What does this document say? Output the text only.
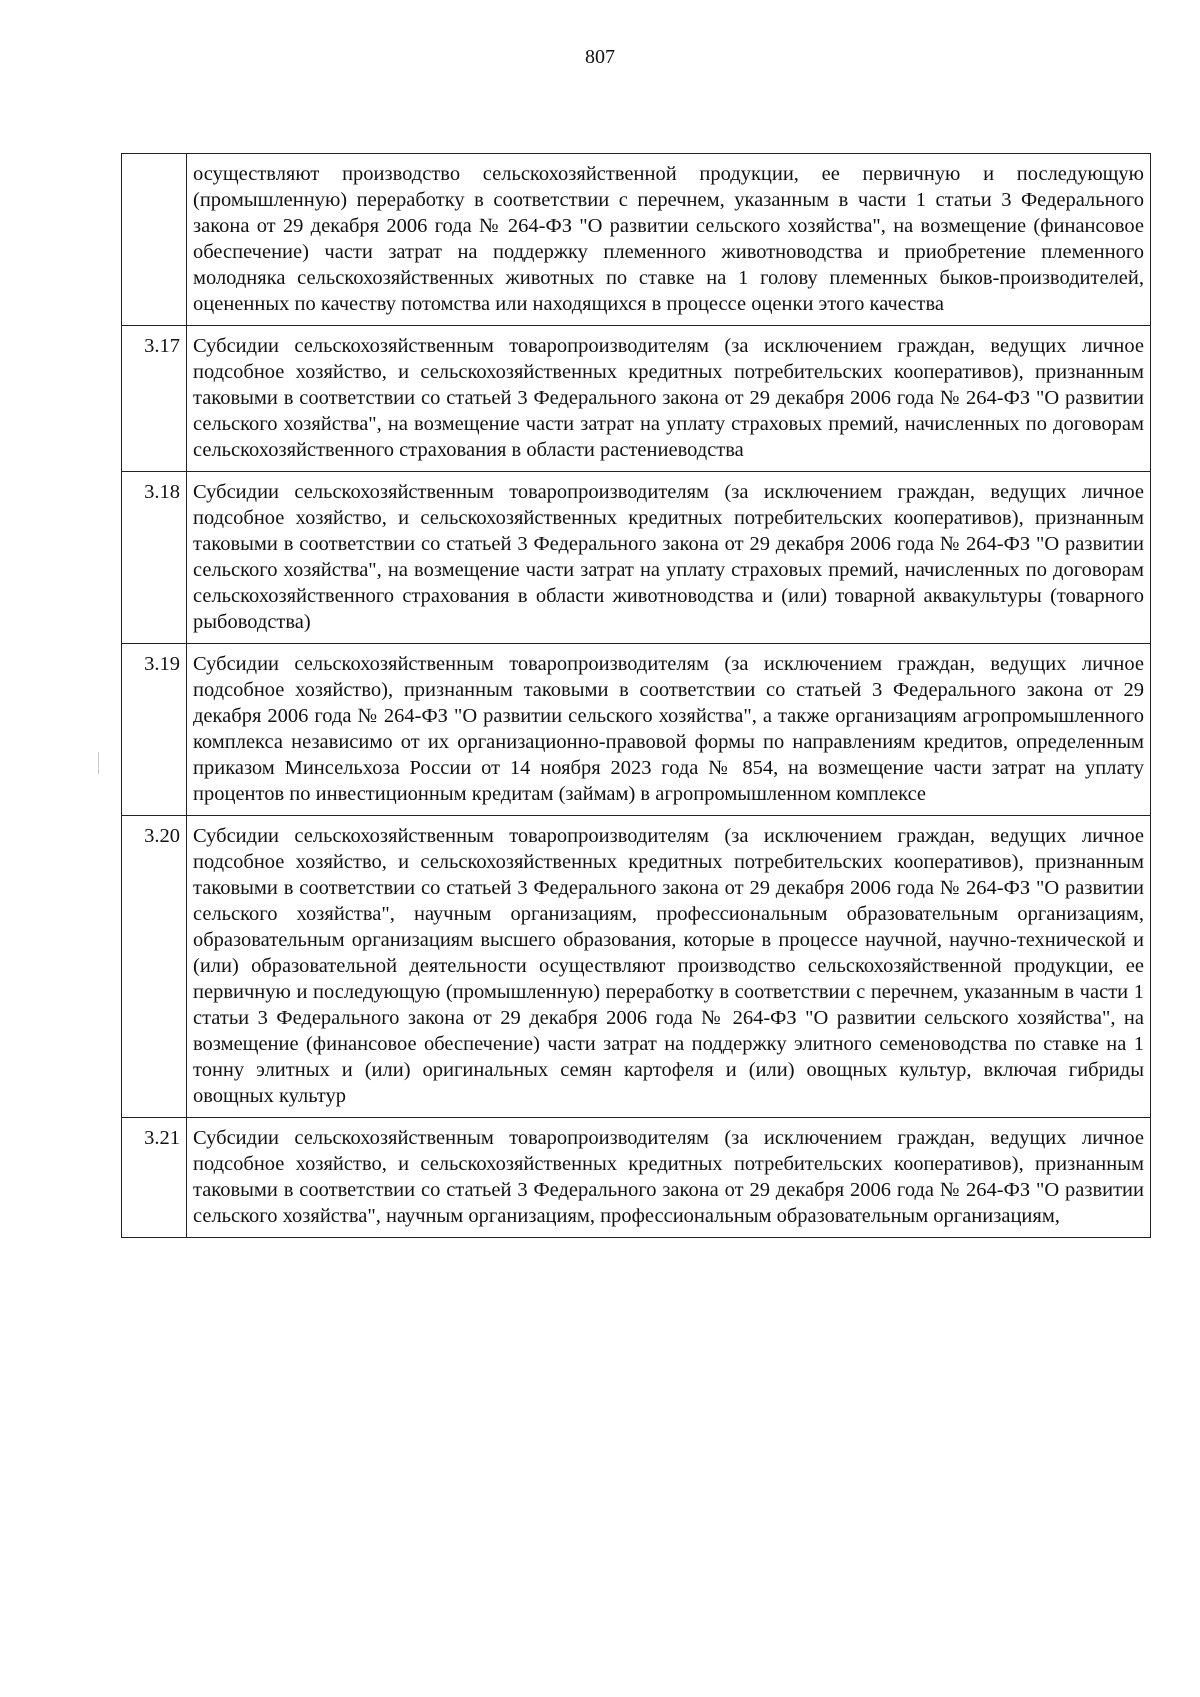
807
	осуществляют производство сельскохозяйственной продукции, ее первичную и последующую (промышленную) переработку в соответствии с перечнем, указанным в части 1 статьи 3 Федерального закона от 29 декабря 2006 года № 264-ФЗ "О развитии сельского хозяйства", на возмещение (финансовое обеспечение) части затрат на поддержку племенного животноводства и приобретение племенного молодняка сельскохозяйственных животных по ставке на 1 голову племенных быков-производителей, оцененных по качеству потомства или находящихся в процессе оценки этого качества
3.17	Субсидии сельскохозяйственным товаропроизводителям (за исключением граждан, ведущих личное подсобное хозяйство, и сельскохозяйственных кредитных потребительских кооперативов), признанным таковыми в соответствии со статьей 3 Федерального закона от 29 декабря 2006 года № 264-ФЗ "О развитии сельского хозяйства", на возмещение части затрат на уплату страховых премий, начисленных по договорам сельскохозяйственного страхования в области растениеводства
3.18	Субсидии сельскохозяйственным товаропроизводителям (за исключением граждан, ведущих личное подсобное хозяйство, и сельскохозяйственных кредитных потребительских кооперативов), признанным таковыми в соответствии со статьей 3 Федерального закона от 29 декабря 2006 года № 264-ФЗ "О развитии сельского хозяйства", на возмещение части затрат на уплату страховых премий, начисленных по договорам сельскохозяйственного страхования в области животноводства и (или) товарной аквакультуры (товарного рыбоводства)
3.19	Субсидии сельскохозяйственным товаропроизводителям (за исключением граждан, ведущих личное подсобное хозяйство), признанным таковыми в соответствии со статьей 3 Федерального закона от 29 декабря 2006 года № 264-ФЗ "О развитии сельского хозяйства", а также организациям агропромышленного комплекса независимо от их организационно-правовой формы по направлениям кредитов, определенным приказом Минсельхоза России от 14 ноября 2023 года № 854, на возмещение части затрат на уплату процентов по инвестиционным кредитам (займам) в агропромышленном комплексе
3.20	Субсидии сельскохозяйственным товаропроизводителям (за исключением граждан, ведущих личное подсобное хозяйство, и сельскохозяйственных кредитных потребительских кооперативов), признанным таковыми в соответствии со статьей 3 Федерального закона от 29 декабря 2006 года № 264-ФЗ "О развитии сельского хозяйства", научным организациям, профессиональным образовательным организациям, образовательным организациям высшего образования, которые в процессе научной, научно-технической и (или) образовательной деятельности осуществляют производство сельскохозяйственной продукции, ее первичную и последующую (промышленную) переработку в соответствии с перечнем, указанным в части 1 статьи 3 Федерального закона от 29 декабря 2006 года № 264-ФЗ "О развитии сельского хозяйства", на возмещение (финансовое обеспечение) части затрат на поддержку элитного семеноводства по ставке на 1 тонну элитных и (или) оригинальных семян картофеля и (или) овощных культур, включая гибриды овощных культур
3.21	Субсидии сельскохозяйственным товаропроизводителям (за исключением граждан, ведущих личное подсобное хозяйство, и сельскохозяйственных кредитных потребительских кооперативов), признанным таковыми в соответствии со статьей 3 Федерального закона от 29 декабря 2006 года № 264-ФЗ "О развитии сельского хозяйства", научным организациям, профессиональным образовательным организациям,
